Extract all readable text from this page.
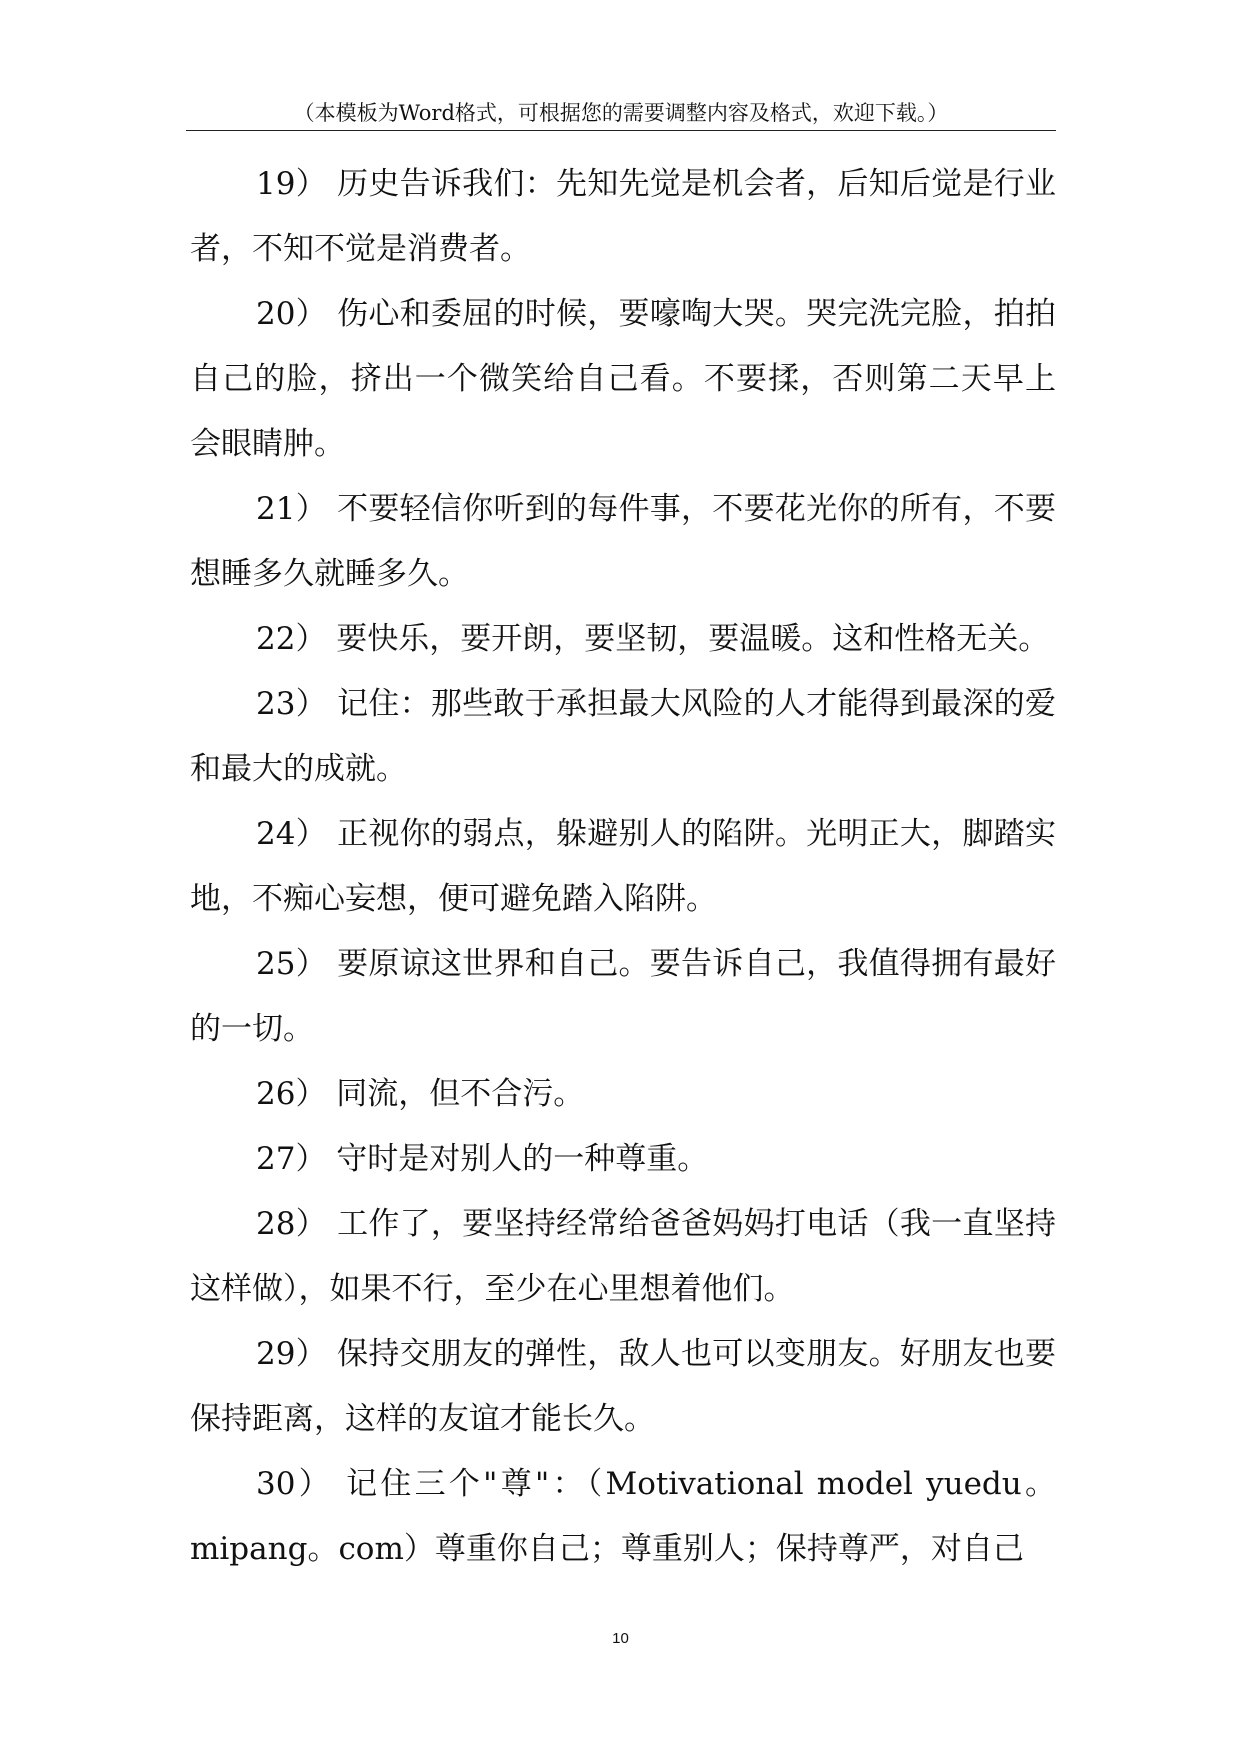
（本模板为Word格式，可根据您的需要调整内容及格式，欢迎下载。）

19） 历史告诉我们：先知先觉是机会者，后知后觉是行业者，不知不觉是消费者。

20） 伤心和委屈的时候，要嚎啕大哭。哭完洗完脸，拍拍自己的脸，挤出一个微笑给自己看。不要揉，否则第二天早上会眼睛肿。

21） 不要轻信你听到的每件事，不要花光你的所有，不要想睡多久就睡多久。

22） 要快乐，要开朗，要坚韧，要温暖。这和性格无关。

23） 记住：那些敢于承担最大风险的人才能得到最深的爱和最大的成就。

24） 正视你的弱点，躲避别人的陷阱。光明正大，脚踏实地，不痴心妄想，便可避免踏入陷阱。

25） 要原谅这世界和自己。要告诉自己，我值得拥有最好的一切。

26） 同流，但不合污。

27） 守时是对别人的一种尊重。

28） 工作了，要坚持经常给爸爸妈妈打电话（我一直坚持这样做），如果不行，至少在心里想着他们。

29） 保持交朋友的弹性，敌人也可以变朋友。好朋友也要保持距离，这样的友谊才能长久。

30） 记住三个"尊"：（Motivational model yuedu。mipang。com）尊重你自己；尊重别人；保持尊严，对自己

10
